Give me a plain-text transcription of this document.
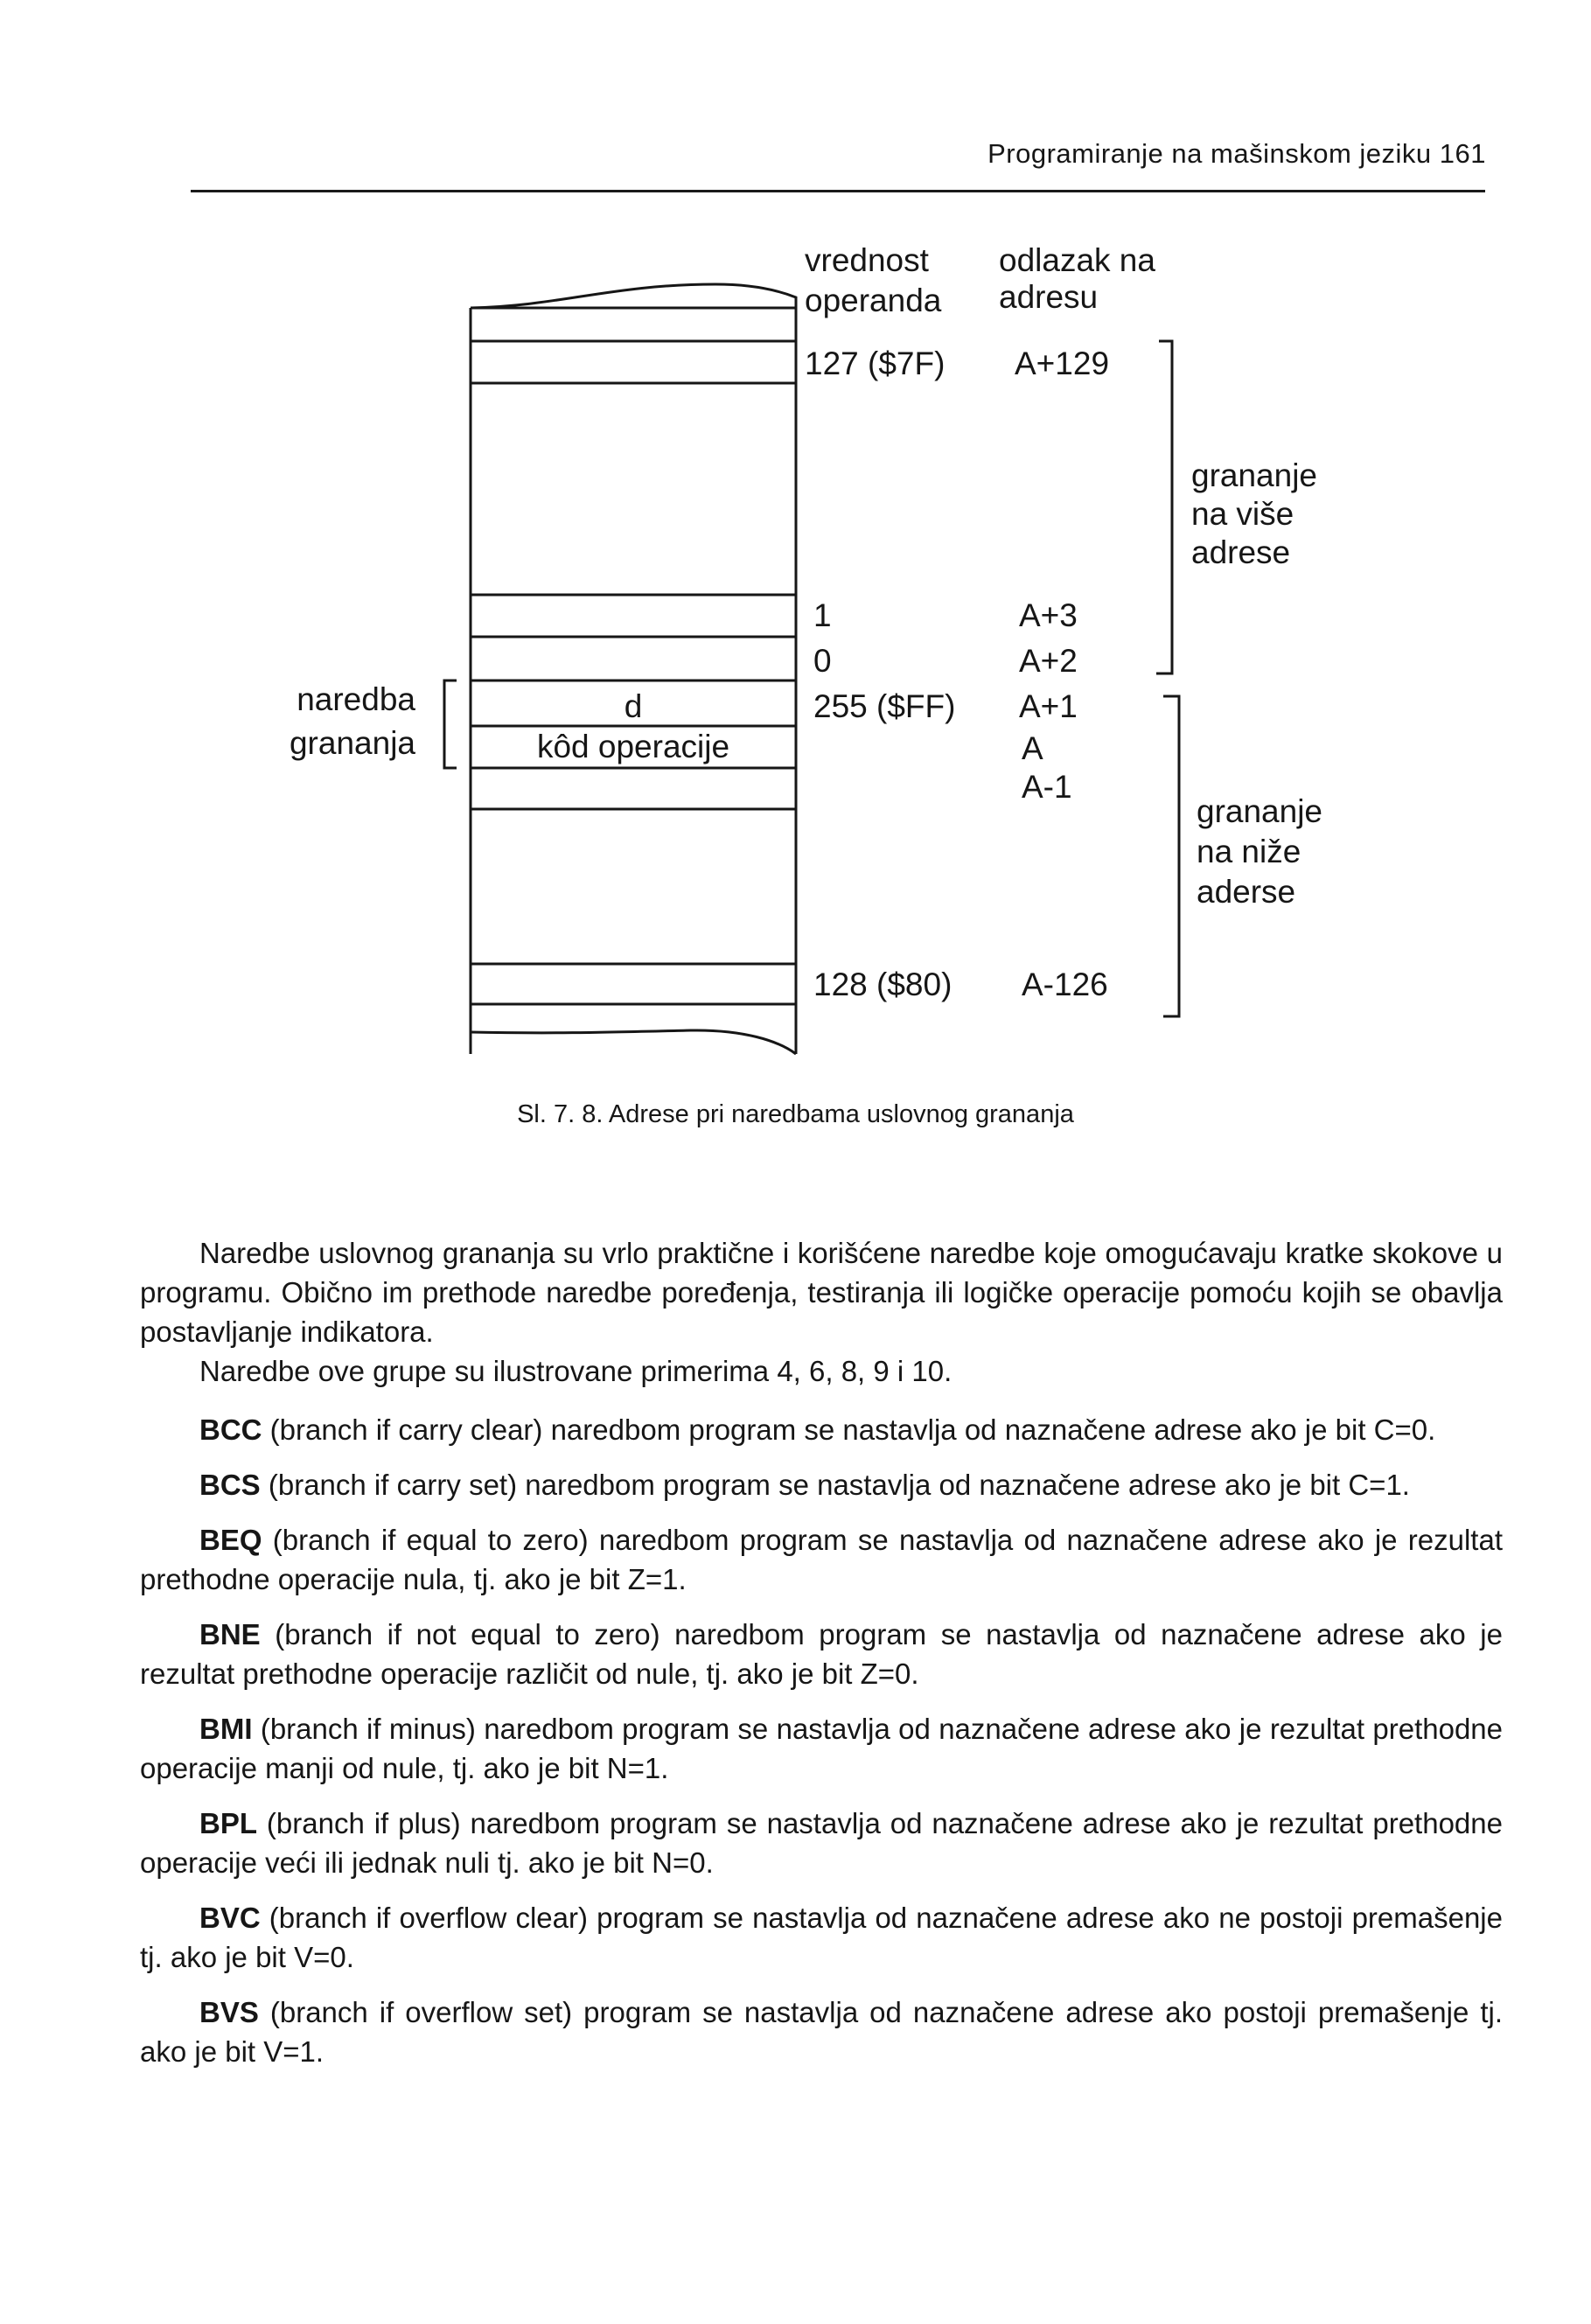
Programiranje na mašinskom jeziku 161
vrednost
operanda
odlazak na
adresu
127 ($7F) A+129
1	A+3
0	A+2
255 ($FF) A+1
A
A-1
128 ($80) A-126
d
kôd operacije
naredba
grananja
grananje
na više
adrese
grananje
na niže
aderse
Sl. 7. 8. Adrese pri naredbama uslovnog grananja

Naredbe uslovnog grananja su vrlo praktične i korišćene naredbe koje omogućavaju kratke skokove u programu. Obično im prethode naredbe poređenja, testiranja ili logičke operacije pomoću kojih se obavlja postavljanje indikatora.

Naredbe ove grupe su ilustrovane primerima 4, 6, 8, 9 i 10.

BCC (branch if carry clear) naredbom program se nastavlja od naznačene adrese ako je bit C=0.

BCS (branch if carry set) naredbom program se nastavlja od naznačene adrese ako je bit C=1.

BEQ (branch if equal to zero) naredbom program se nastavlja od naznačene adrese ako je rezultat prethodne operacije nula, tj. ako je bit Z=1.

BNE (branch if not equal to zero) naredbom program se nastavlja od naznačene adrese ako je rezultat prethodne operacije različit od nule, tj. ako je bit Z=0.

BMI (branch if minus) naredbom program se nastavlja od naznačene adrese ako je rezultat prethodne operacije manji od nule, tj. ako je bit N=1.

BPL (branch if plus) naredbom program se nastavlja od naznačene adrese ako je rezultat prethodne operacije veći ili jednak nuli tj. ako je bit N=0.

BVC (branch if overflow clear) program se nastavlja od naznačene adrese ako ne postoji premašenje tj. ako je bit V=0.

BVS (branch if overflow set) program se nastavlja od naznačene adrese ako postoji premašenje tj. ako je bit V=1.
